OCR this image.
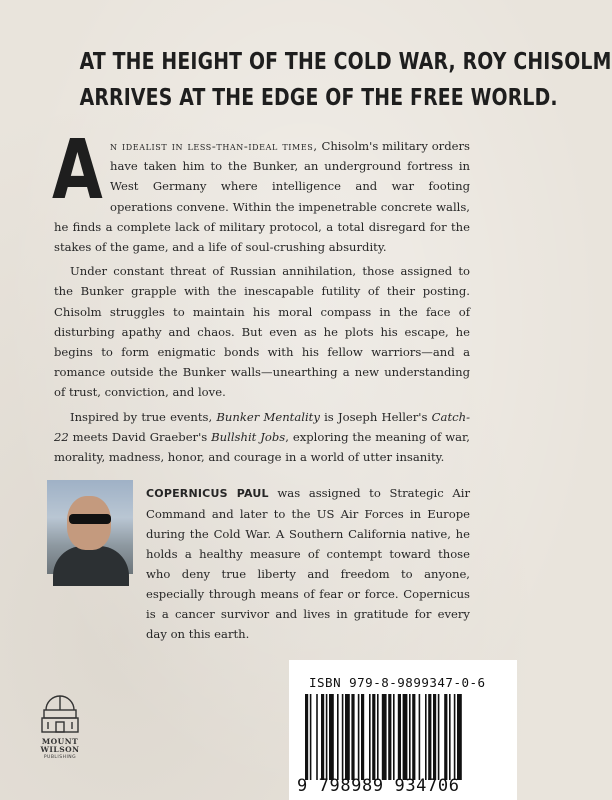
AT THE HEIGHT OF THE COLD WAR, ROY CHISOLM
ARRIVES AT THE EDGE OF THE FREE WORLD.

An idealist in less-than-ideal times, Chisolm's military orders have taken him to the Bunker, an underground fortress in West Germany where intelligence and war footing operations convene. Within the impenetrable concrete walls, he finds a complete lack of military protocol, a total disregard for the stakes of the game, and a life of soul-crushing absurdity.

Under constant threat of Russian annihilation, those assigned to the Bunker grapple with the inescapable futility of their posting. Chisolm struggles to maintain his moral compass in the face of disturbing apathy and chaos. But even as he plots his escape, he begins to form enigmatic bonds with his fellow warriors—and a romance outside the Bunker walls—unearthing a new understanding of trust, conviction, and love.

Inspired by true events, Bunker Mentality is Joseph Heller's Catch-22 meets David Graeber's Bullshit Jobs, exploring the meaning of war, morality, madness, honor, and courage in a world of utter insanity.

COPERNICUS PAUL was assigned to Strategic Air Command and later to the US Air Forces in Europe during the Cold War. A Southern California native, he holds a healthy measure of contempt toward those who deny true liberty and freedom to anyone, especially through means of fear or force. Copernicus is a cancer survivor and lives in gratitude for every day on this earth.
MOUNT
WILSON
PUBLISHING
ISBN 979-8-9899347-0-6
9 798989 934706
